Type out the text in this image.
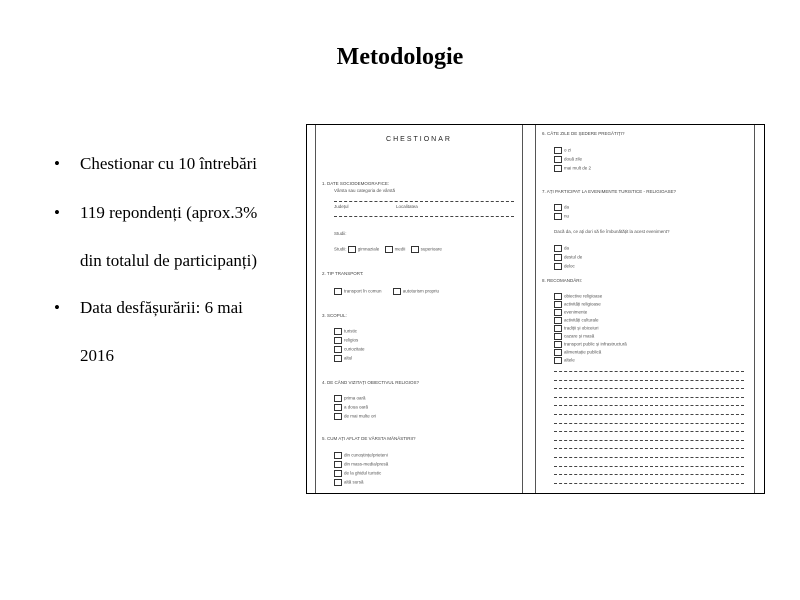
Metodologie
• Chestionar cu 10 întrebări
• 119 repondenți (aprox.3%
din totalul de participanți)
• Data desfășurării: 6 mai
2016
CHESTIONAR
1. DATE SOCIODEMOGRAFICE:
Vârsta sau categoria de vârstă
Județul	Localitatea
Studii:
Studii:	gimnaziale	medii	superioare
2. TIP TRANSPORT:
transport în comun	autoturism propriu
3. SCOPUL:
turistic
religios
curiozitate
altul
4. DE CÂND VIZITAȚI OBIECTIVUL RELIGIOS?
prima oară
a doua oară
de mai multe ori
5. CUM AȚI AFLAT DE VÂRSTA MĂNĂSTIRII?
din cunoștințe/prieteni
din mass-media/presă
de la ghidul turistic
altă sursă
6. CÂTE ZILE DE ȘEDERE PREGĂTIȚI?
o zi
două zile
mai mult de 2
7. AȚI PARTICIPAT LA EVENIMENTE TURISTICE - RELIGIOASE?
da
nu
Dacă da, ce ați dori să fie îmbunătățit la acest eveniment?
da
destul de
deloc
8. RECOMANDĂRI:
obiective religioase
activități religioase
evenimente
activități culturale
tradiții și obiceiuri
cazare și masă
transport public și infrastructură
alimentație publică
altele
